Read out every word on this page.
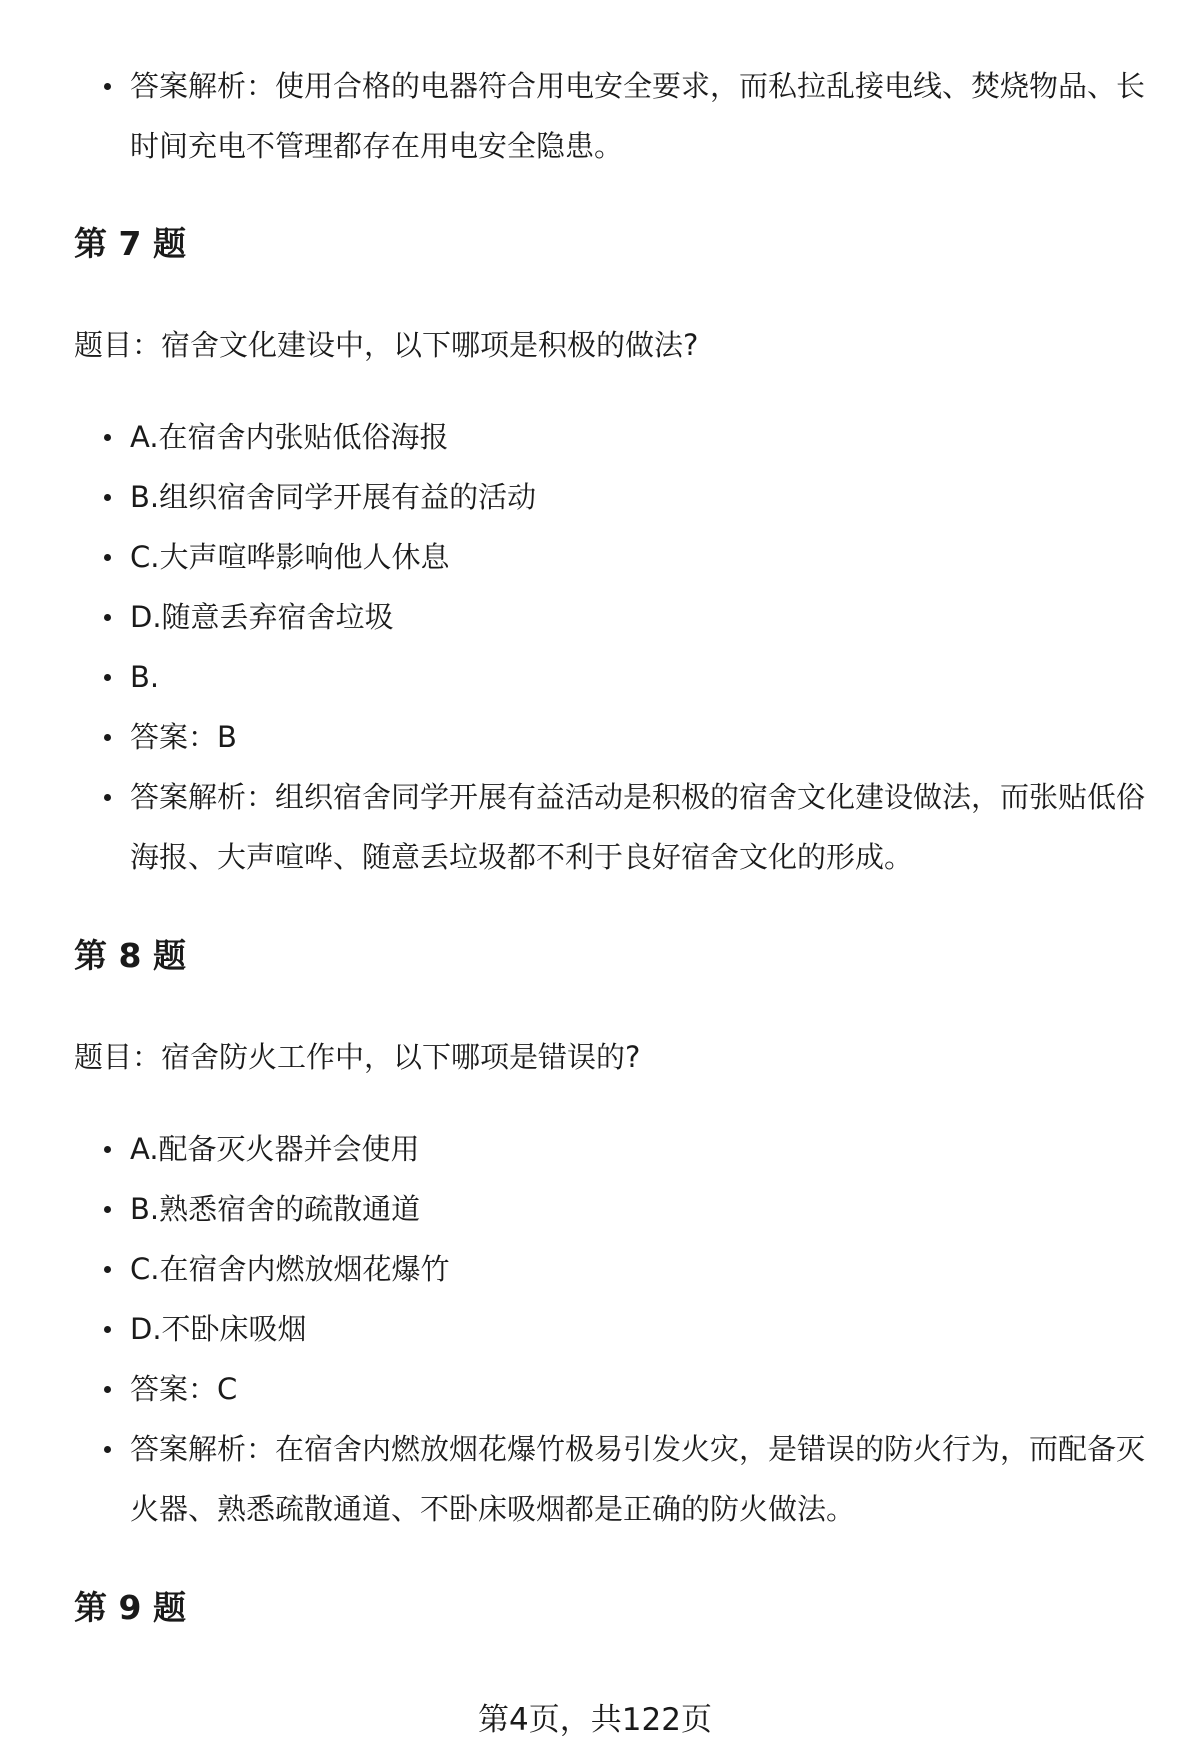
答案解析：使用合格的电器符合用电安全要求，而私拉乱接电线、焚烧物品、长时间充电不管理都存在用电安全隐患。
第 7 题
题目：宿舍文化建设中，以下哪项是积极的做法?
A.在宿舍内张贴低俗海报
B.组织宿舍同学开展有益的活动
C.大声喧哗影响他人休息
D.随意丢弃宿舍垃圾
B.
答案：B
答案解析：组织宿舍同学开展有益活动是积极的宿舍文化建设做法，而张贴低俗海报、大声喧哗、随意丢垃圾都不利于良好宿舍文化的形成。
第 8 题
题目：宿舍防火工作中，以下哪项是错误的?
A.配备灭火器并会使用
B.熟悉宿舍的疏散通道
C.在宿舍内燃放烟花爆竹
D.不卧床吸烟
答案：C
答案解析：在宿舍内燃放烟花爆竹极易引发火灾，是错误的防火行为，而配备灭火器、熟悉疏散通道、不卧床吸烟都是正确的防火做法。
第 9 题
第4页，共122页
